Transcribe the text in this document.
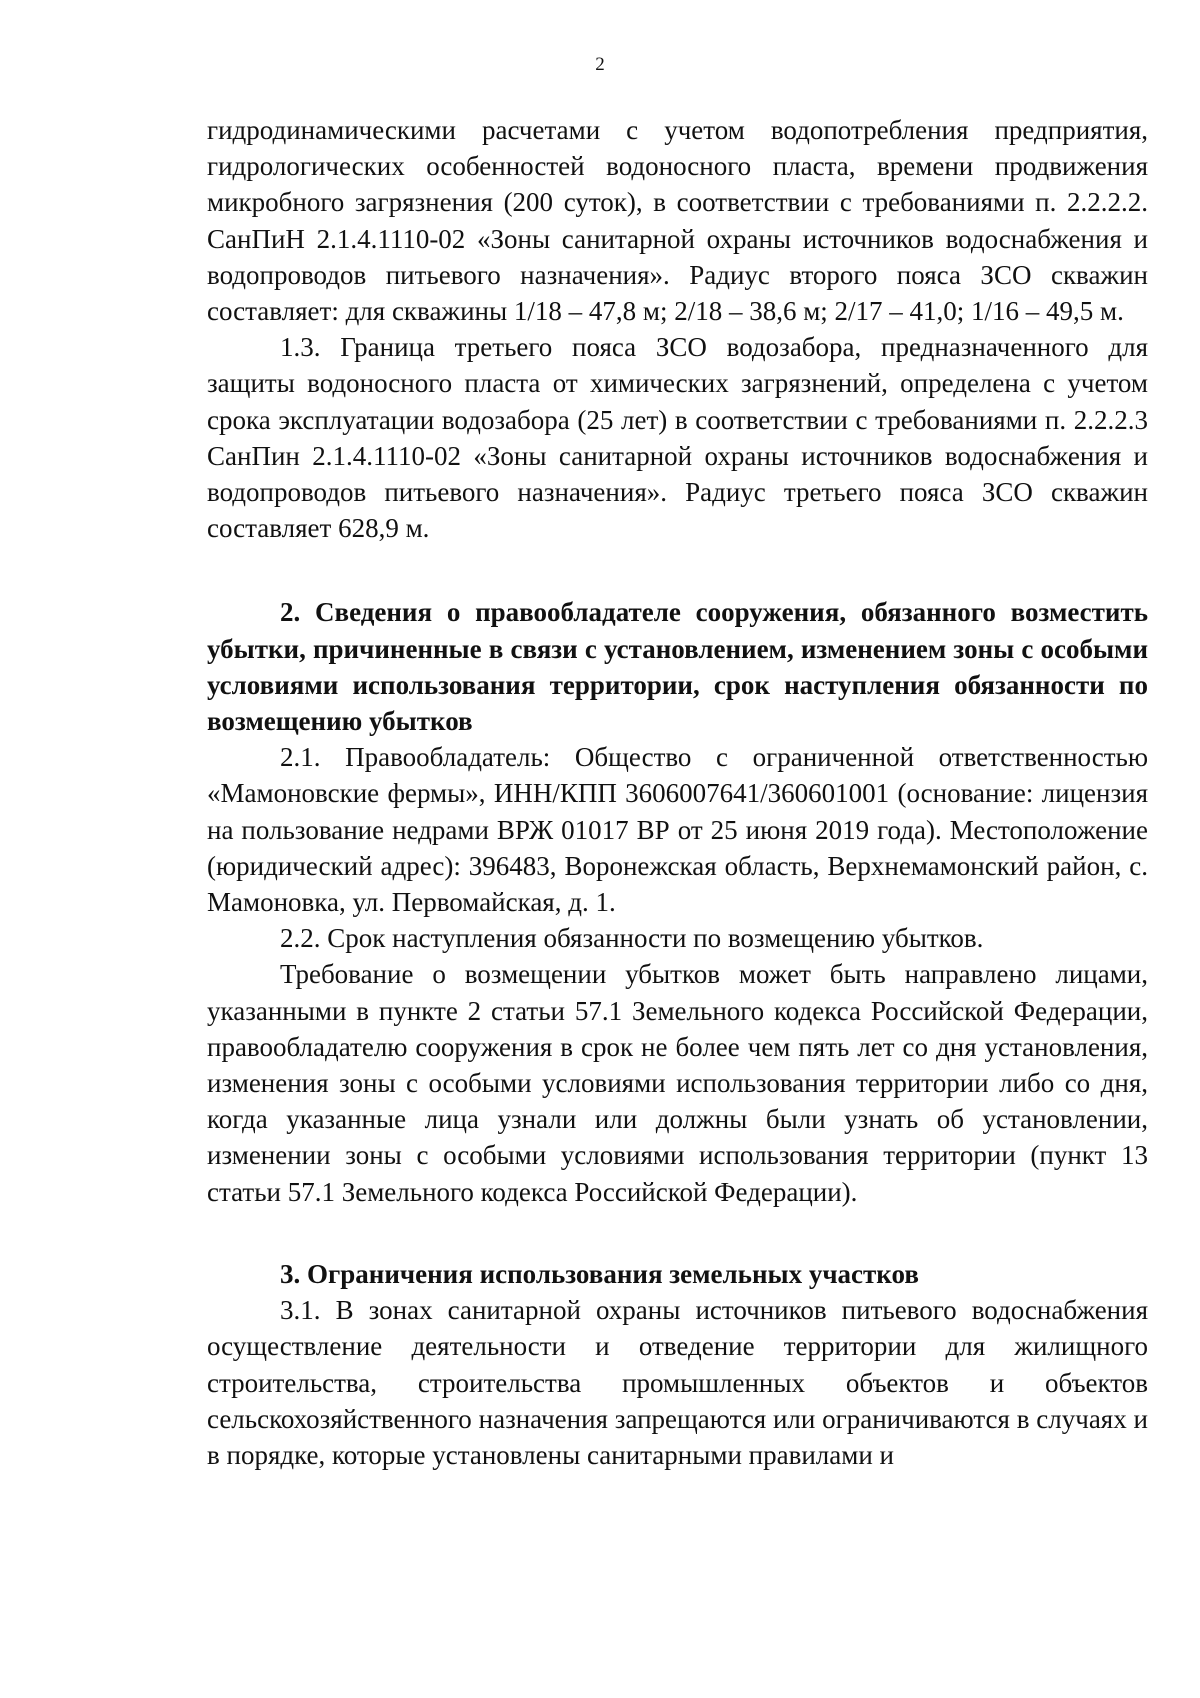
2

гидродинамическими расчетами с учетом водопотребления предприятия, гидрологических особенностей водоносного пласта, времени продвижения микробного загрязнения (200 суток), в соответствии с требованиями п. 2.2.2.2. СанПиН 2.1.4.1110-02 «Зоны санитарной охраны источников водоснабжения и водопроводов питьевого назначения». Радиус второго пояса ЗСО скважин составляет: для скважины 1/18 – 47,8 м; 2/18 – 38,6 м; 2/17 – 41,0; 1/16 – 49,5 м.

1.3. Граница третьего пояса ЗСО водозабора, предназначенного для защиты водоносного пласта от химических загрязнений, определена с учетом срока эксплуатации водозабора (25 лет) в соответствии с требованиями п. 2.2.2.3 СанПин 2.1.4.1110-02 «Зоны санитарной охраны источников водоснабжения и водопроводов питьевого назначения». Радиус третьего пояса ЗСО скважин составляет 628,9 м.

2. Сведения о правообладателе сооружения, обязанного возместить убытки, причиненные в связи с установлением, изменением зоны с особыми условиями использования территории, срок наступления обязанности по возмещению убытков

2.1. Правообладатель: Общество с ограниченной ответственностью «Мамоновские фермы», ИНН/КПП 3606007641/360601001 (основание: лицензия на пользование недрами ВРЖ 01017 ВР от 25 июня 2019 года). Местоположение (юридический адрес): 396483, Воронежская область, Верхнемамонский район, с. Мамоновка, ул. Первомайская, д. 1.

2.2. Срок наступления обязанности по возмещению убытков.

Требование о возмещении убытков может быть направлено лицами, указанными в пункте 2 статьи 57.1 Земельного кодекса Российской Федерации, правообладателю сооружения в срок не более чем пять лет со дня установления, изменения зоны с особыми условиями использования территории либо со дня, когда указанные лица узнали или должны были узнать об установлении, изменении зоны с особыми условиями использования территории (пункт 13 статьи 57.1 Земельного кодекса Российской Федерации).

3. Ограничения использования земельных участков

3.1. В зонах санитарной охраны источников питьевого водоснабжения осуществление деятельности и отведение территории для жилищного строительства, строительства промышленных объектов и объектов сельскохозяйственного назначения запрещаются или ограничиваются в случаях и в порядке, которые установлены санитарными правилами и
